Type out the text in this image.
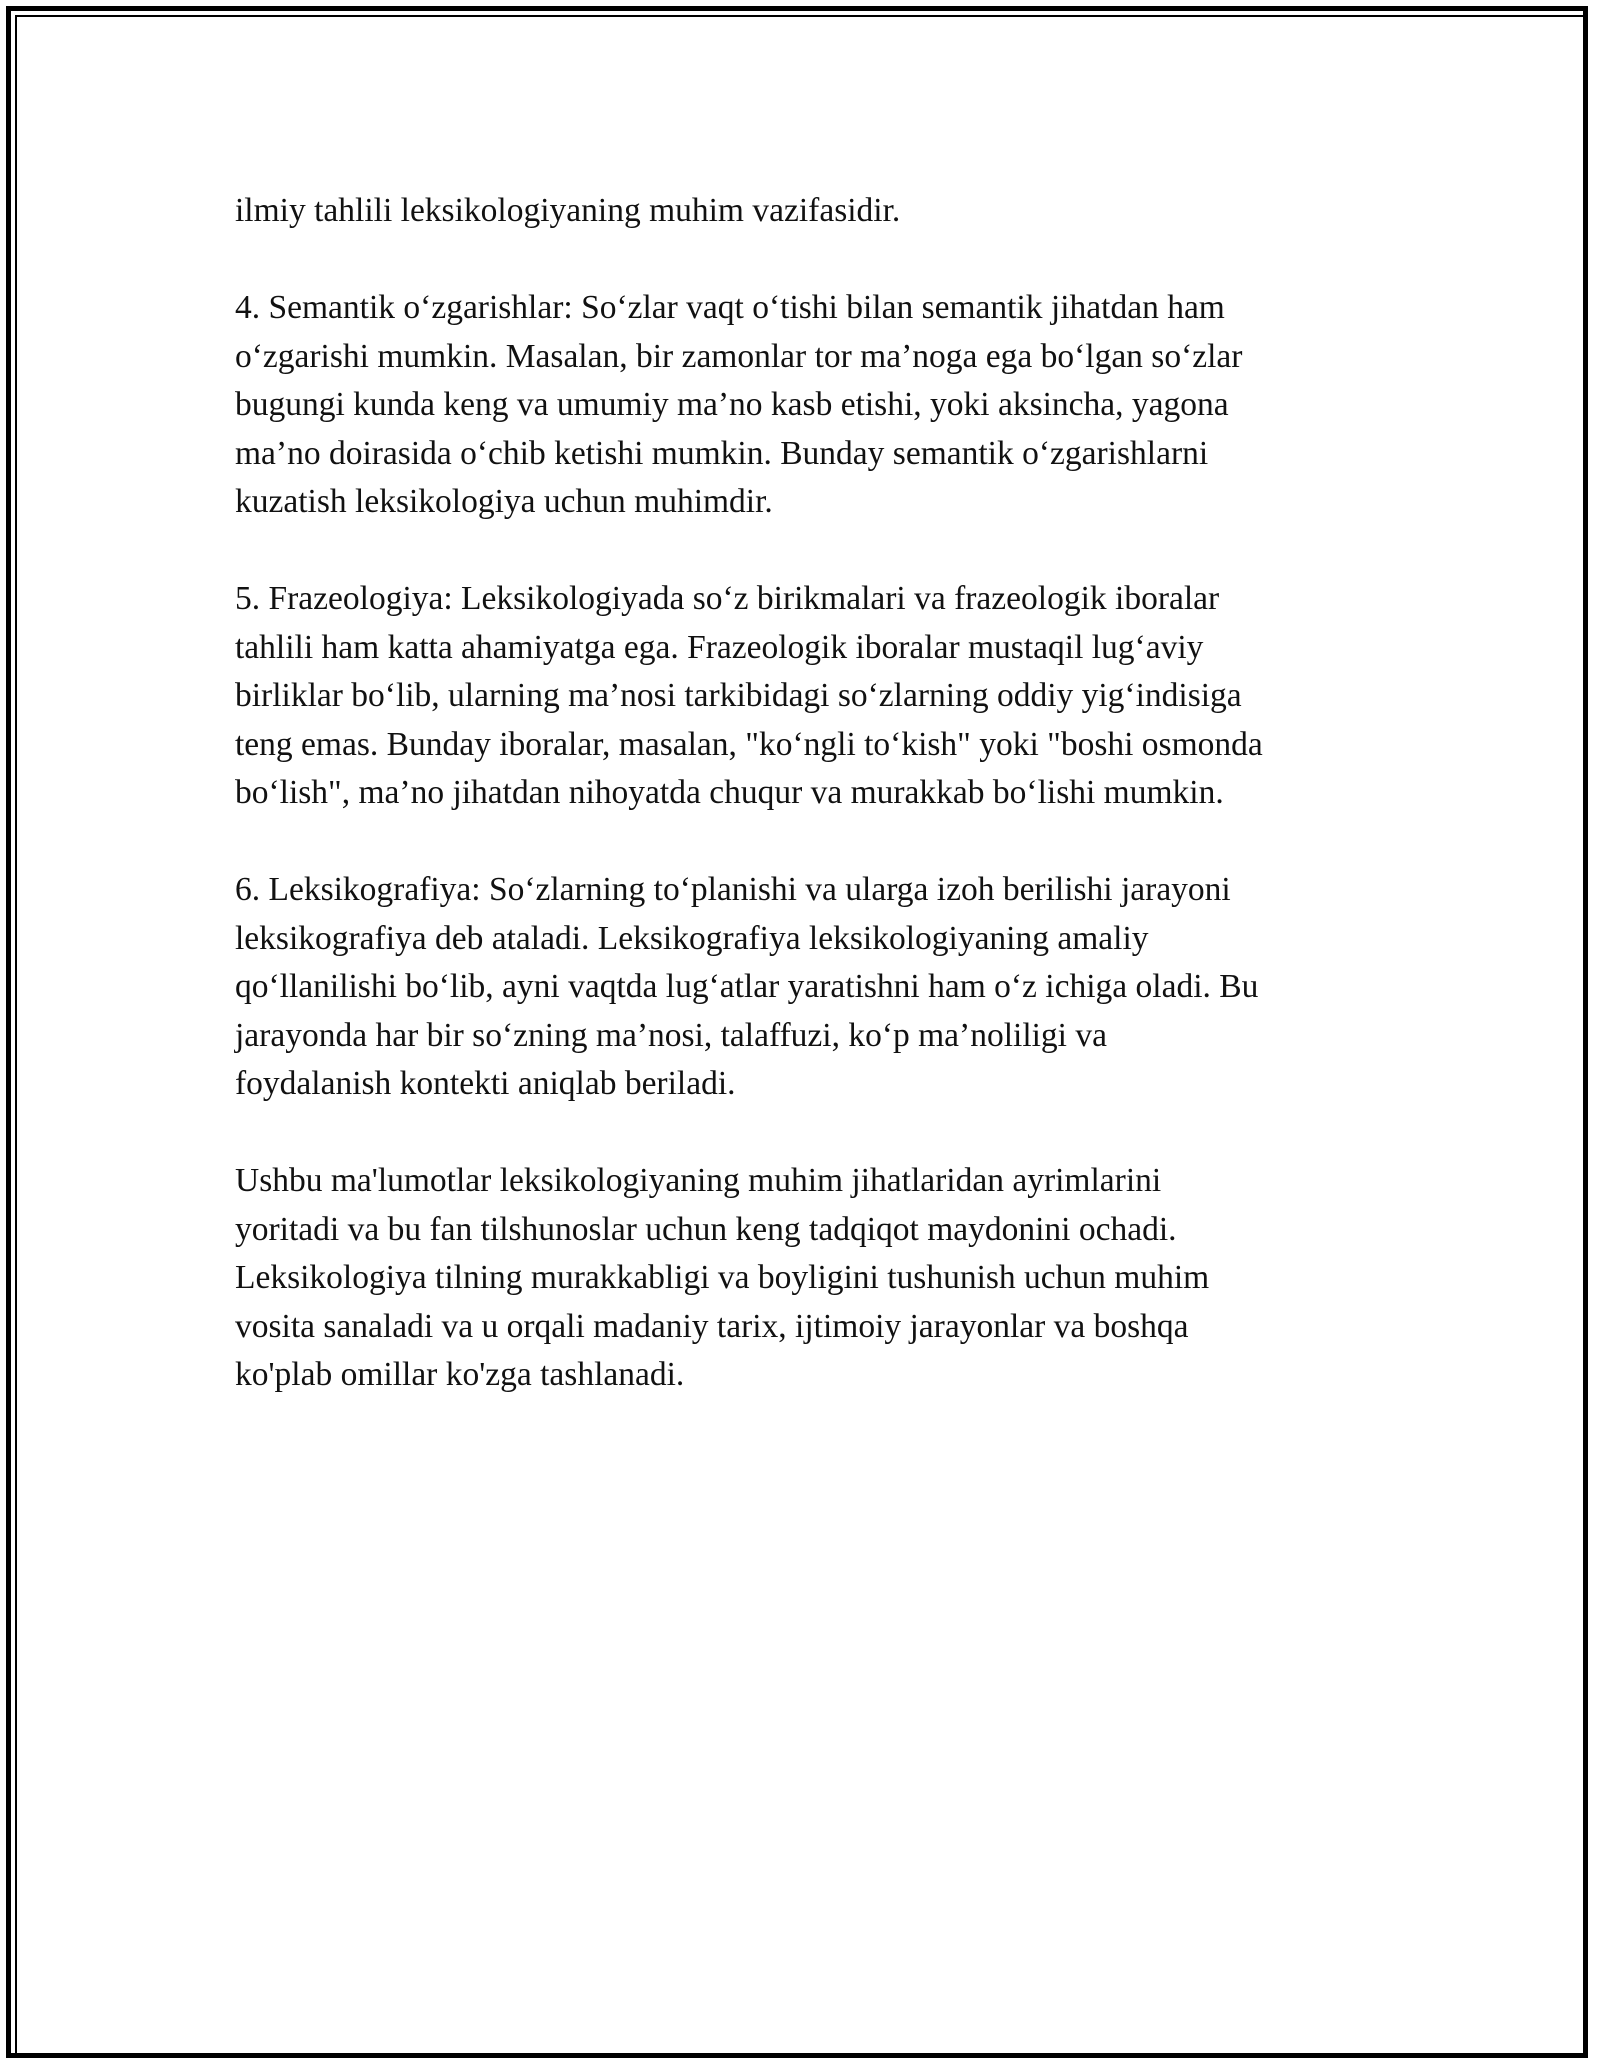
ilmiy tahlili leksikologiyaning muhim vazifasidir.
4. Semantik o‘zgarishlar: So‘zlar vaqt o‘tishi bilan semantik jihatdan ham
o‘zgarishi mumkin. Masalan, bir zamonlar tor ma’noga ega bo‘lgan so‘zlar
bugungi kunda keng va umumiy ma’no kasb etishi, yoki aksincha, yagona
ma’no doirasida o‘chib ketishi mumkin. Bunday semantik o‘zgarishlarni
kuzatish leksikologiya uchun muhimdir.
5. Frazeologiya: Leksikologiyada so‘z birikmalari va frazeologik iboralar
tahlili ham katta ahamiyatga ega. Frazeologik iboralar mustaqil lug‘aviy
birliklar bo‘lib, ularning ma’nosi tarkibidagi so‘zlarning oddiy yig‘indisiga
teng emas. Bunday iboralar, masalan, "ko‘ngli to‘kish" yoki "boshi osmonda
bo‘lish", ma’no jihatdan nihoyatda chuqur va murakkab bo‘lishi mumkin.
6. Leksikografiya: So‘zlarning to‘planishi va ularga izoh berilishi jarayoni
leksikografiya deb ataladi. Leksikografiya leksikologiyaning amaliy
qo‘llanilishi bo‘lib, ayni vaqtda lug‘atlar yaratishni ham o‘z ichiga oladi. Bu
jarayonda har bir so‘zning ma’nosi, talaffuzi, ko‘p ma’noliligi va
foydalanish kontekti aniqlab beriladi.
Ushbu ma'lumotlar leksikologiyaning muhim jihatlaridan ayrimlarini
yoritadi va bu fan tilshunoslar uchun keng tadqiqot maydonini ochadi.
Leksikologiya tilning murakkabligi va boyligini tushunish uchun muhim
vosita sanaladi va u orqali madaniy tarix, ijtimoiy jarayonlar va boshqa
ko'plab omillar ko'zga tashlanadi.
